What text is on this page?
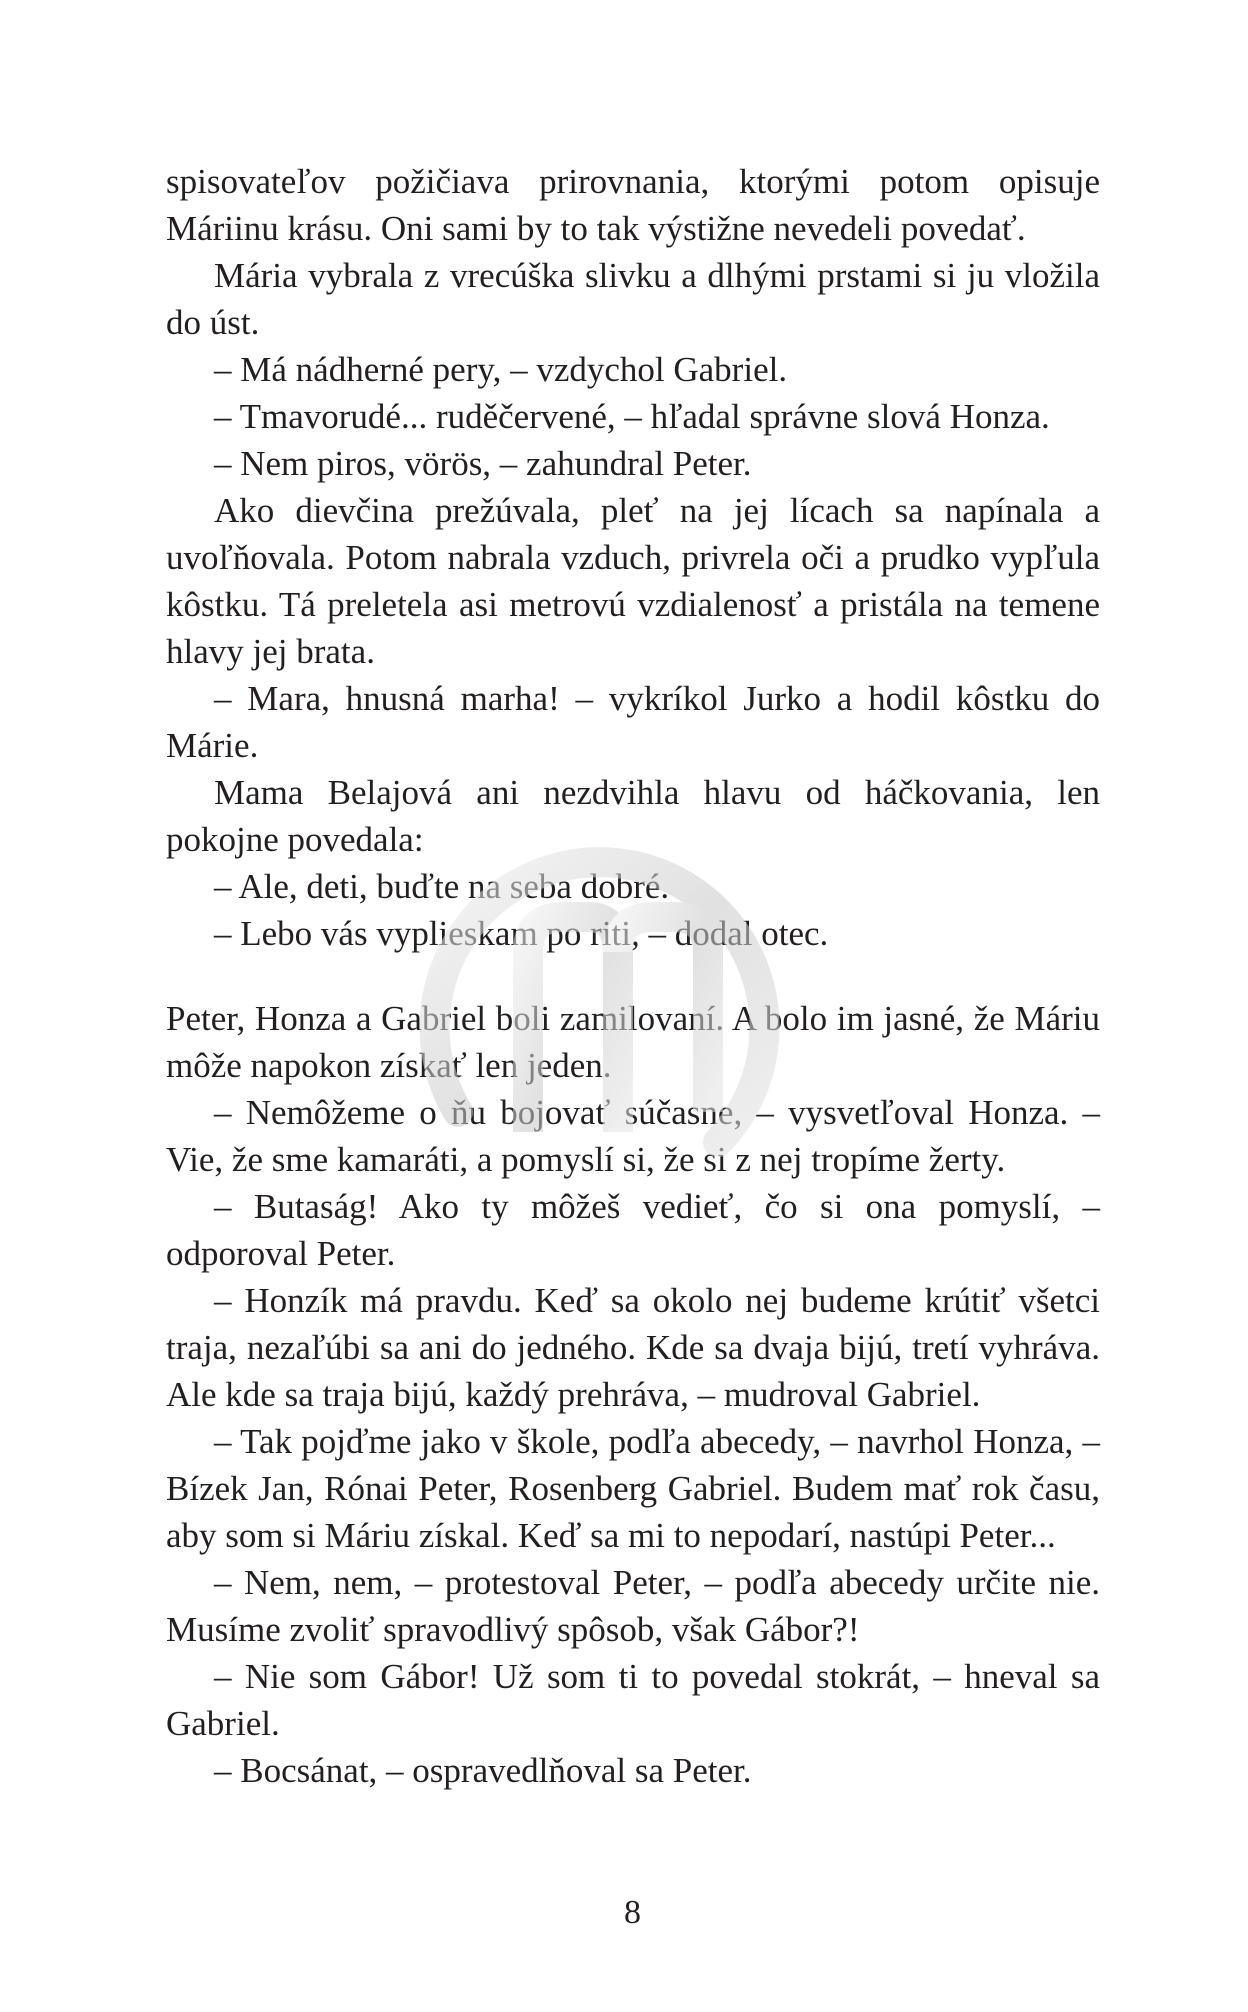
spisovateľov požičiava prirovnania, ktorými potom opisuje Máriinu krásu. Oni sami by to tak výstižne nevedeli povedať.

Mária vybrala z vrecúška slivku a dlhými prstami si ju vložila do úst.

– Má nádherné pery, – vzdychol Gabriel.

– Tmavorudé... ruděčervené, – hľadal správne slová Honza.

– Nem piros, vörös, – zahundral Peter.

Ako dievčina prežúvala, pleť na jej lícach sa napínala a uvoľňovala. Potom nabrala vzduch, privrela oči a prudko vypľula kôstku. Tá preletela asi metrovú vzdialenosť a pristála na temene hlavy jej brata.

– Mara, hnusná marha! – vykríkol Jurko a hodil kôstku do Márie.

Mama Belajová ani nezdvihla hlavu od háčkovania, len pokojne povedala:

– Ale, deti, buďte na seba dobré.

– Lebo vás vyplieskam po riti, – dodal otec.

Peter, Honza a Gabriel boli zamilovaní. A bolo im jasné, že Máriu môže napokon získať len jeden.

– Nemôžeme o ňu bojovať súčasne, – vysvetľoval Honza. – Vie, že sme kamaráti, a pomyslí si, že si z nej tropíme žerty.

– Butaság! Ako ty môžeš vedieť, čo si ona pomyslí, – odporoval Peter.

– Honzík má pravdu. Keď sa okolo nej budeme krútiť všetci traja, nezaľúbi sa ani do jedného. Kde sa dvaja bijú, tretí vyhráva. Ale kde sa traja bijú, každý prehráva, – mudroval Gabriel.

– Tak pojďme jako v škole, podľa abecedy, – navrhol Honza, – Bízek Jan, Rónai Peter, Rosenberg Gabriel. Budem mať rok času, aby som si Máriu získal. Keď sa mi to nepodarí, nastúpi Peter...

– Nem, nem, – protestoval Peter, – podľa abecedy určite nie. Musíme zvoliť spravodlivý spôsob, však Gábor?!

– Nie som Gábor! Už som ti to povedal stokrát, – hneval sa Gabriel.

– Bocsánat, – ospravedlňoval sa Peter.

8
